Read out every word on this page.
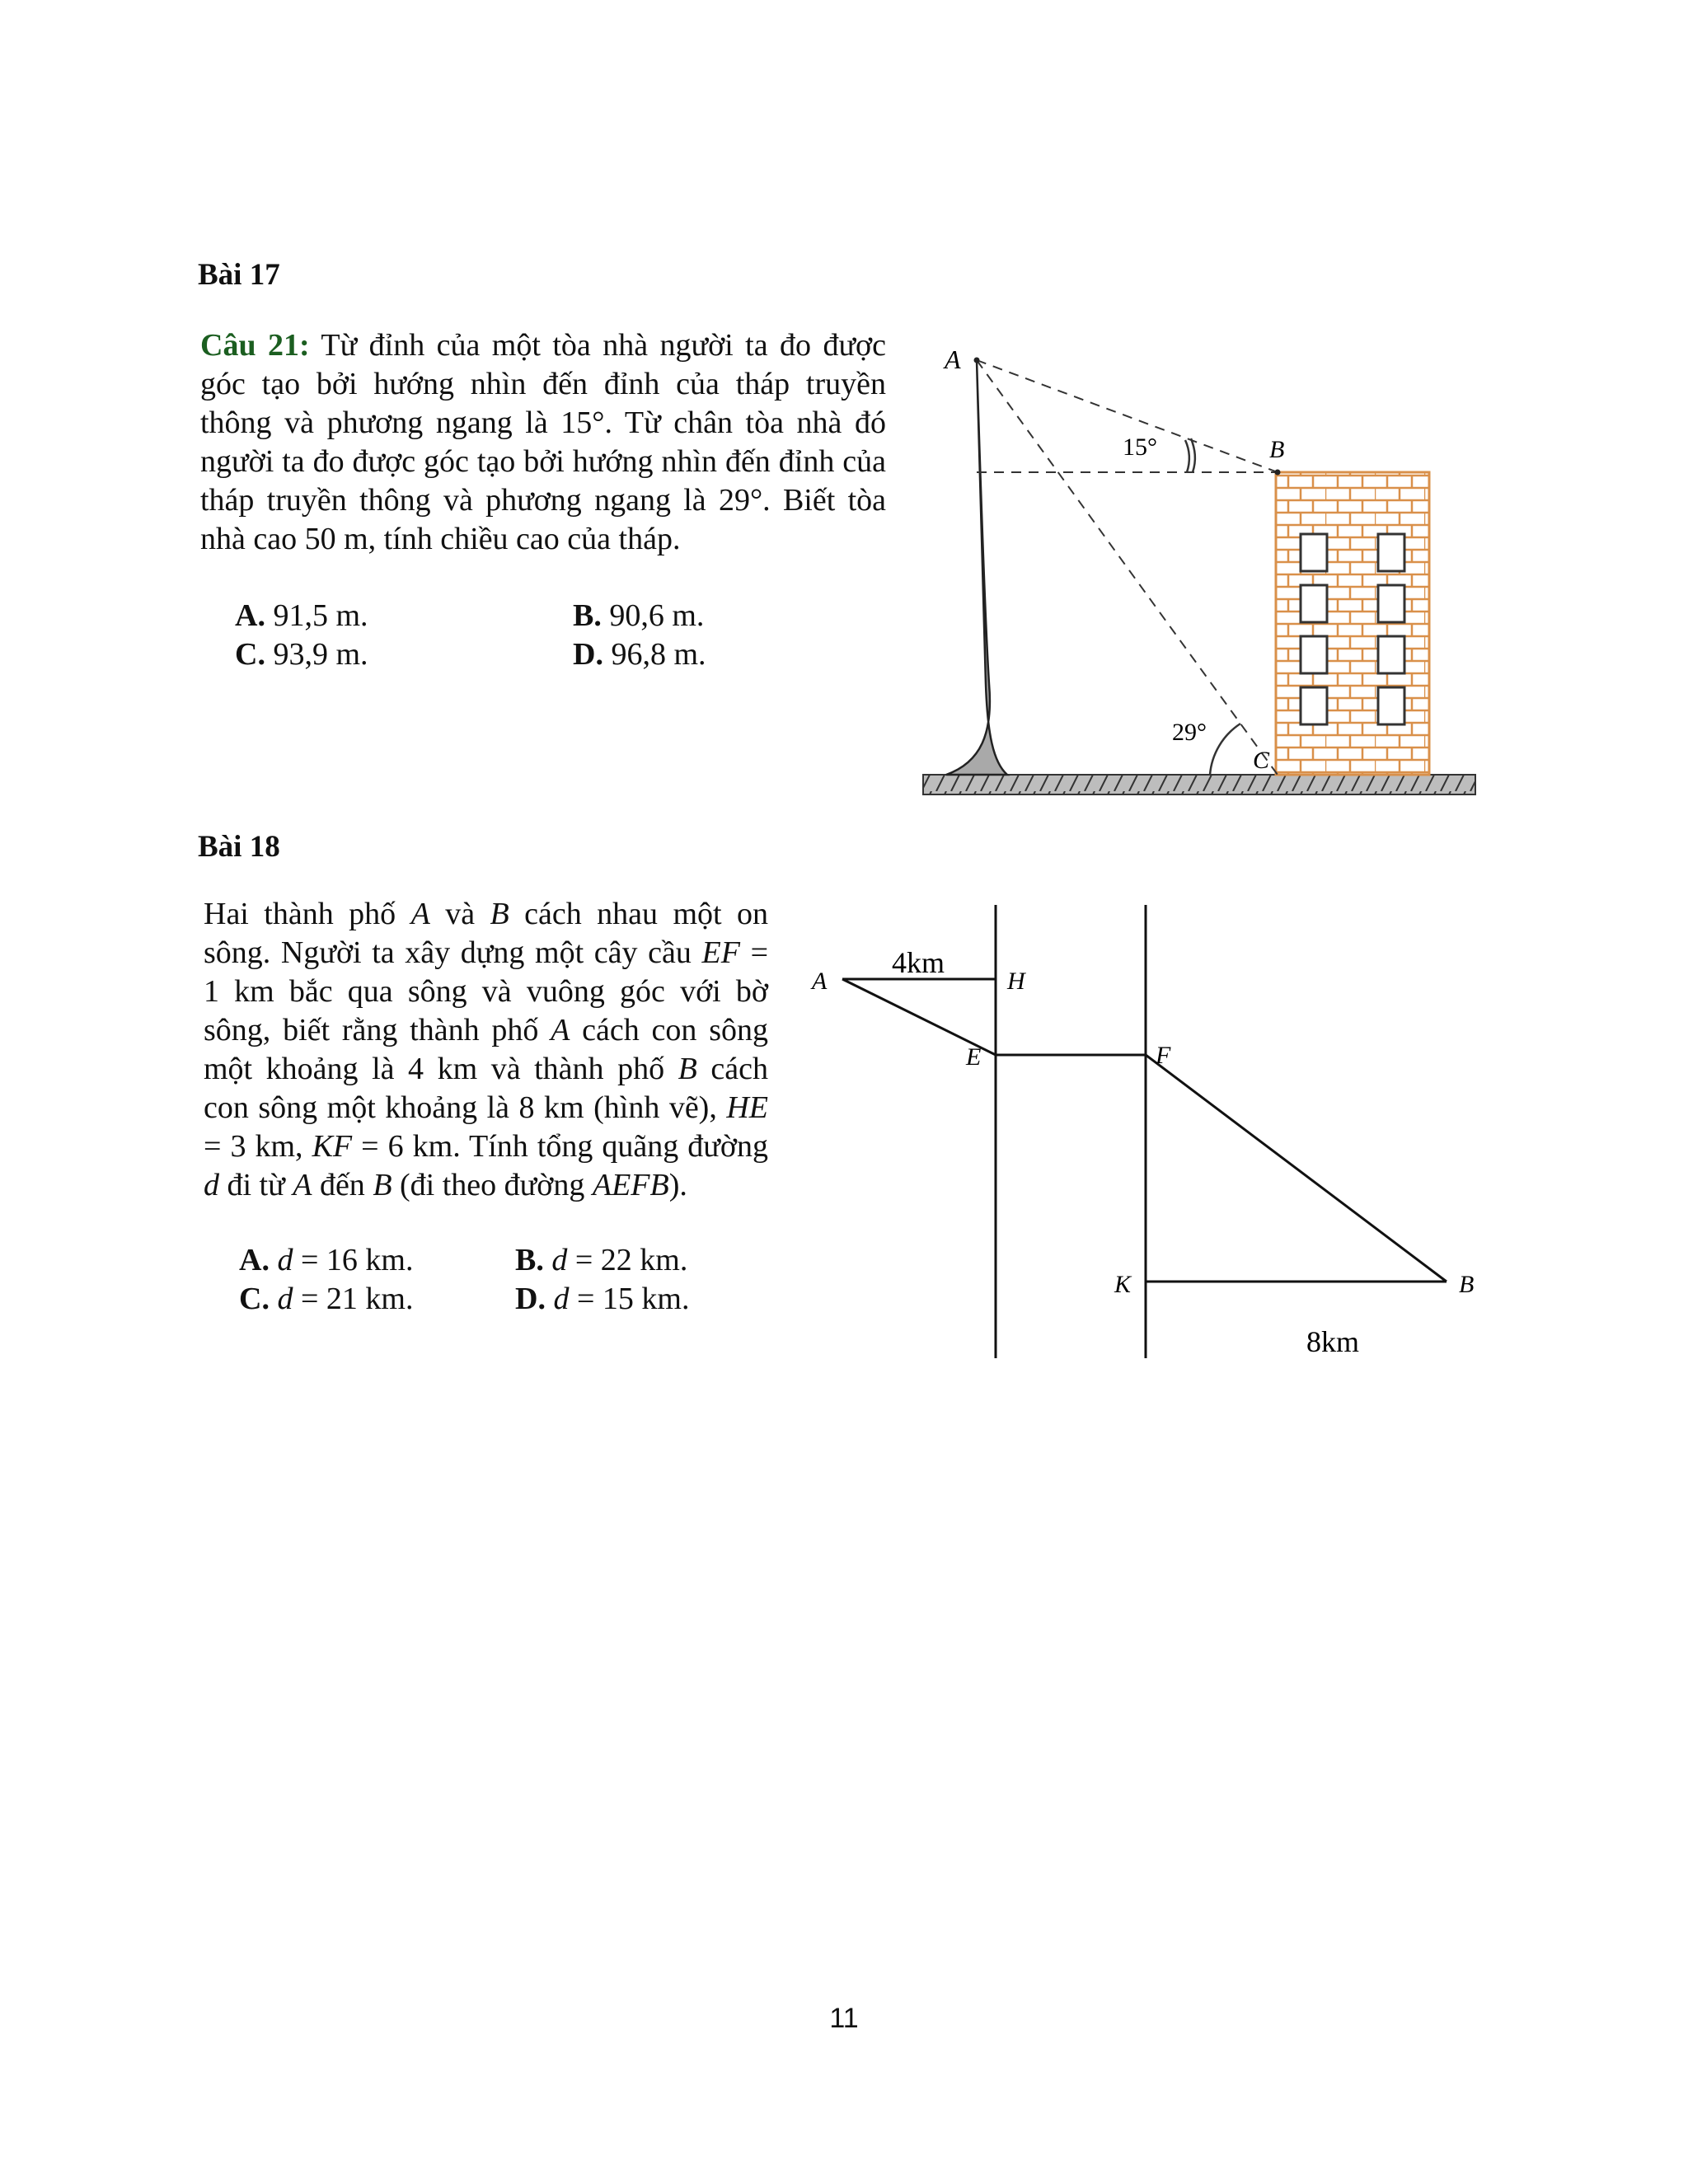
Bài 17

Câu 21: Từ đỉnh của một tòa nhà người ta đo được góc tạo bởi hướng nhìn đến đỉnh của tháp truyền thông và phương ngang là 15°. Từ chân tòa nhà đó người ta đo được góc tạo bởi hướng nhìn đến đỉnh của tháp truyền thông và phương ngang là 29°. Biết tòa nhà cao 50 m, tính chiều cao của tháp.

A. 91,5 m.	B. 90,6 m.
C. 93,9 m.	D. 96,8 m.
A
B
C
15°
29°

Bài 18

Hai thành phố A và B cách nhau một on sông. Người ta xây dựng một cây cầu EF = 1 km bắc qua sông và vuông góc với bờ sông, biết rằng thành phố A cách con sông một khoảng là 4 km và thành phố B cách con sông một khoảng là 8 km (hình vẽ), HE = 3 km, KF = 6 km. Tính tổng quãng đường d đi từ A đến B (đi theo đường AEFB).

A. d = 16 km.	B. d = 22 km.
C. d = 21 km.	D. d = 15 km.
A	H
E	F
K	B
4km
8km
11
